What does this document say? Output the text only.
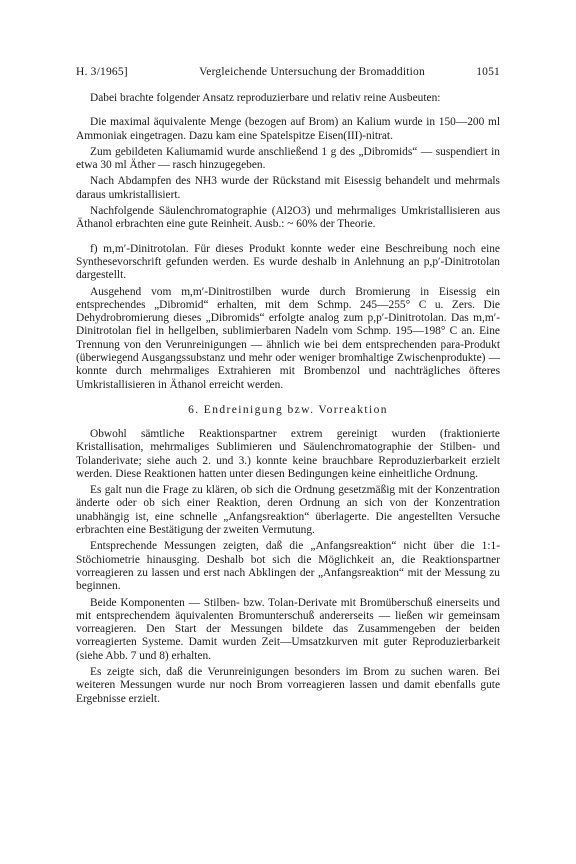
H. 3/1965]	Vergleichende Untersuchung der Bromaddition	1051

Dabei brachte folgender Ansatz reproduzierbare und relativ reine Ausbeuten:

Die maximal äquivalente Menge (bezogen auf Brom) an Kalium wurde in 150—200 ml Ammoniak eingetragen. Dazu kam eine Spatelspitze Eisen(III)-nitrat.

Zum gebildeten Kaliumamid wurde anschließend 1 g des „Dibromids“ — suspendiert in etwa 30 ml Äther — rasch hinzugegeben.

Nach Abdampfen des NH3 wurde der Rückstand mit Eisessig behandelt und mehrmals daraus umkristallisiert.

Nachfolgende Säulenchromatographie (Al2O3) und mehrmaliges Umkristallisieren aus Äthanol erbrachten eine gute Reinheit. Ausb.: ~ 60% der Theorie.

f) m,m′-Dinitrotolan. Für dieses Produkt konnte weder eine Beschreibung noch eine Synthesevorschrift gefunden werden. Es wurde deshalb in Anlehnung an p,p′-Dinitrotolan dargestellt.

Ausgehend vom m,m′-Dinitrostilben wurde durch Bromierung in Eisessig ein entsprechendes „Dibromid“ erhalten, mit dem Schmp. 245—255° C u. Zers. Die Dehydrobromierung dieses „Dibromids“ erfolgte analog zum p,p′-Dinitrotolan. Das m,m′-Dinitrotolan fiel in hellgelben, sublimierbaren Nadeln vom Schmp. 195—198° C an. Eine Trennung von den Verunreinigungen — ähnlich wie bei dem entsprechenden para-Produkt (überwiegend Ausgangssubstanz und mehr oder weniger bromhaltige Zwischenprodukte) — konnte durch mehrmaliges Extrahieren mit Brombenzol und nachträgliches öfteres Umkristallisieren in Äthanol erreicht werden.

6. Endreinigung bzw. Vorreaktion

Obwohl sämtliche Reaktionspartner extrem gereinigt wurden (fraktionierte Kristallisation, mehrmaliges Sublimieren und Säulenchromatographie der Stilben- und Tolanderivate; siehe auch 2. und 3.) konnte keine brauchbare Reproduzierbarkeit erzielt werden. Diese Reaktionen hatten unter diesen Bedingungen keine einheitliche Ordnung.

Es galt nun die Frage zu klären, ob sich die Ordnung gesetzmäßig mit der Konzentration änderte oder ob sich einer Reaktion, deren Ordnung an sich von der Konzentration unabhängig ist, eine schnelle „Anfangsreaktion“ überlagerte. Die angestellten Versuche erbrachten eine Bestätigung der zweiten Vermutung.

Entsprechende Messungen zeigten, daß die „Anfangsreaktion“ nicht über die 1:1-Stöchiometrie hinausging. Deshalb bot sich die Möglichkeit an, die Reaktionspartner vorreagieren zu lassen und erst nach Abklingen der „Anfangsreaktion“ mit der Messung zu beginnen.

Beide Komponenten — Stilben- bzw. Tolan-Derivate mit Bromüberschuß einerseits und mit entsprechendem äquivalenten Bromunterschuß andererseits — ließen wir gemeinsam vorreagieren. Den Start der Messungen bildete das Zusammengeben der beiden vorreagierten Systeme. Damit wurden Zeit—Umsatzkurven mit guter Reproduzierbarkeit (siehe Abb. 7 und 8) erhalten.

Es zeigte sich, daß die Verunreinigungen besonders im Brom zu suchen waren. Bei weiteren Messungen wurde nur noch Brom vorreagieren lassen und damit ebenfalls gute Ergebnisse erzielt.
